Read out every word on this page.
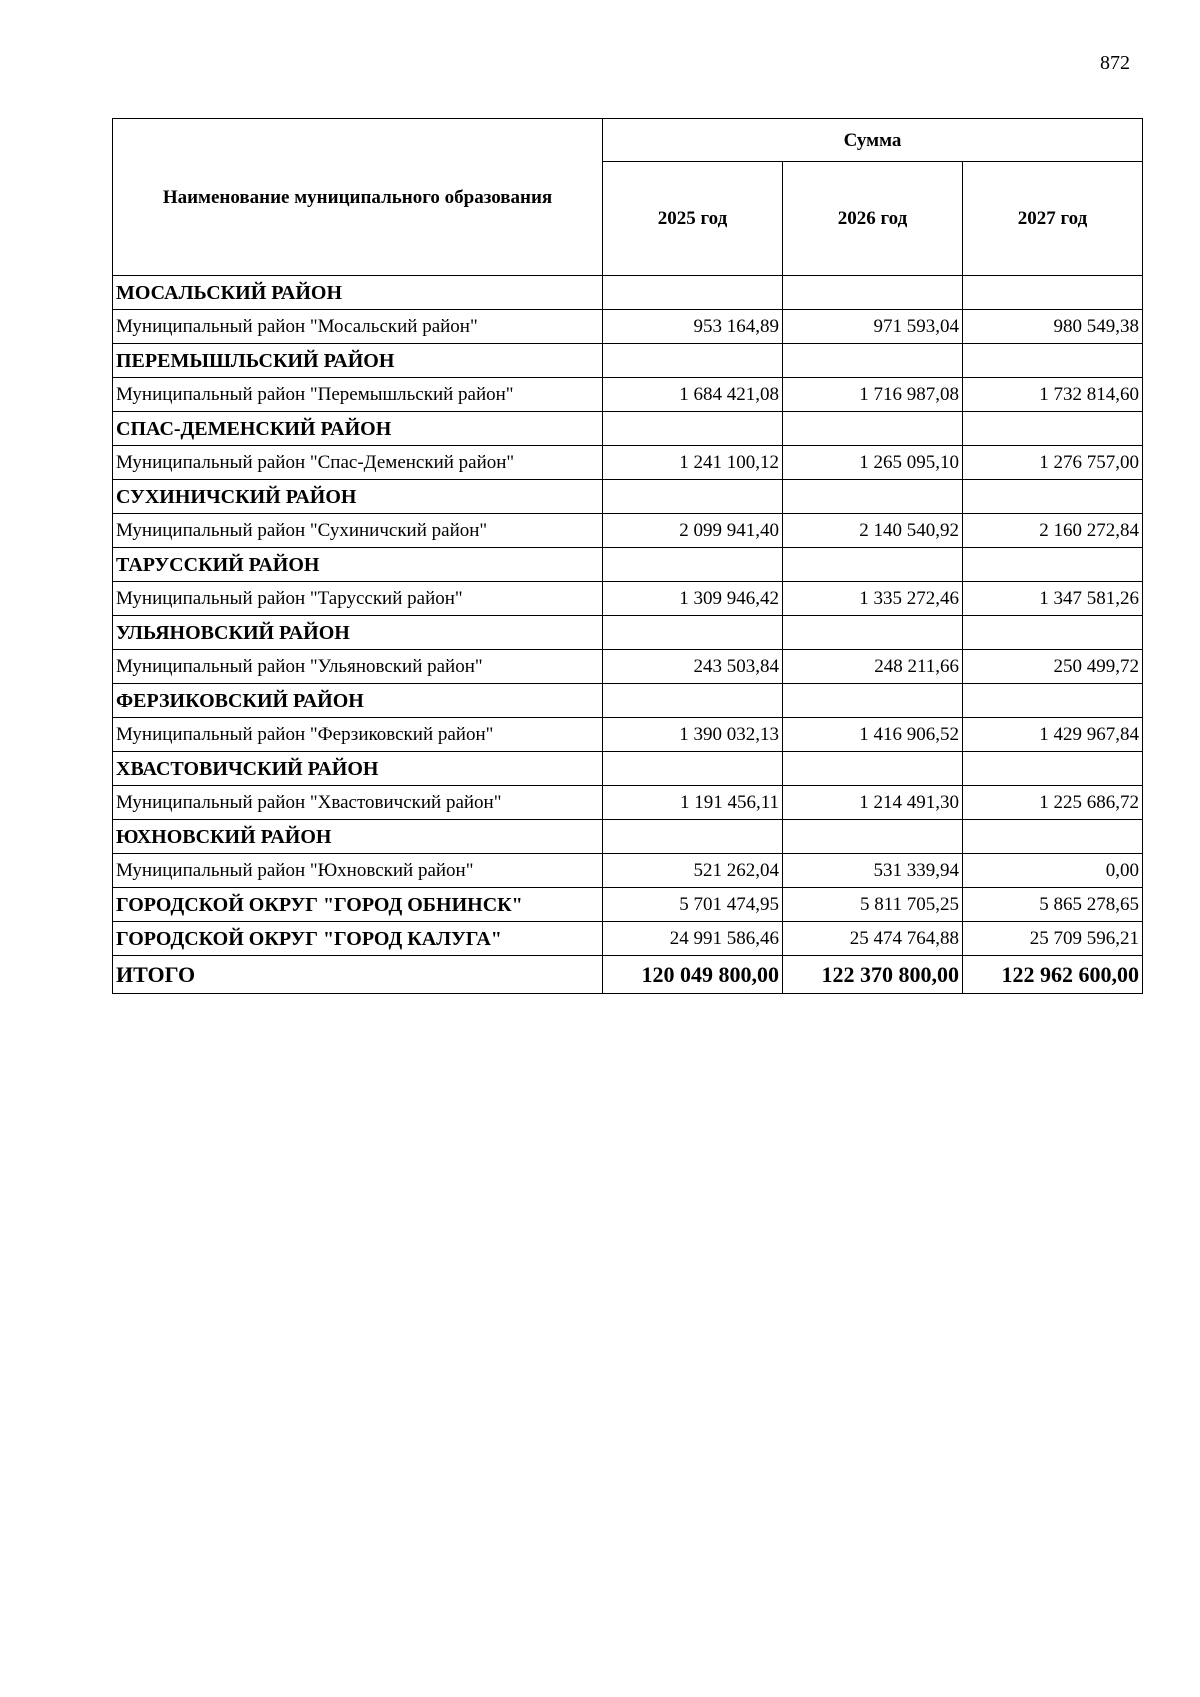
872
Наименование муниципального образования	Сумма		
	2025 год	2026 год	2027 год
МОСАЛЬСКИЙ РАЙОН			
Муниципальный район "Мосальский район"	953 164,89	971 593,04	980 549,38
ПЕРЕМЫШЛЬСКИЙ РАЙОН			
Муниципальный район "Перемышльский район"	1 684 421,08	1 716 987,08	1 732 814,60
СПАС-ДЕМЕНСКИЙ РАЙОН			
Муниципальный район "Спас-Деменский район"	1 241 100,12	1 265 095,10	1 276 757,00
СУХИНИЧСКИЙ РАЙОН			
Муниципальный район "Сухиничский район"	2 099 941,40	2 140 540,92	2 160 272,84
ТАРУССКИЙ РАЙОН			
Муниципальный район "Тарусский район"	1 309 946,42	1 335 272,46	1 347 581,26
УЛЬЯНОВСКИЙ РАЙОН			
Муниципальный район "Ульяновский район"	243 503,84	248 211,66	250 499,72
ФЕРЗИКОВСКИЙ РАЙОН			
Муниципальный район "Ферзиковский район"	1 390 032,13	1 416 906,52	1 429 967,84
ХВАСТОВИЧСКИЙ РАЙОН			
Муниципальный район "Хвастовичский район"	1 191 456,11	1 214 491,30	1 225 686,72
ЮХНОВСКИЙ РАЙОН			
Муниципальный район "Юхновский район"	521 262,04	531 339,94	0,00
ГОРОДСКОЙ ОКРУГ "ГОРОД ОБНИНСК"	5 701 474,95	5 811 705,25	5 865 278,65
ГОРОДСКОЙ ОКРУГ "ГОРОД КАЛУГА"	24 991 586,46	25 474 764,88	25 709 596,21
ИТОГО	120 049 800,00	122 370 800,00	122 962 600,00
